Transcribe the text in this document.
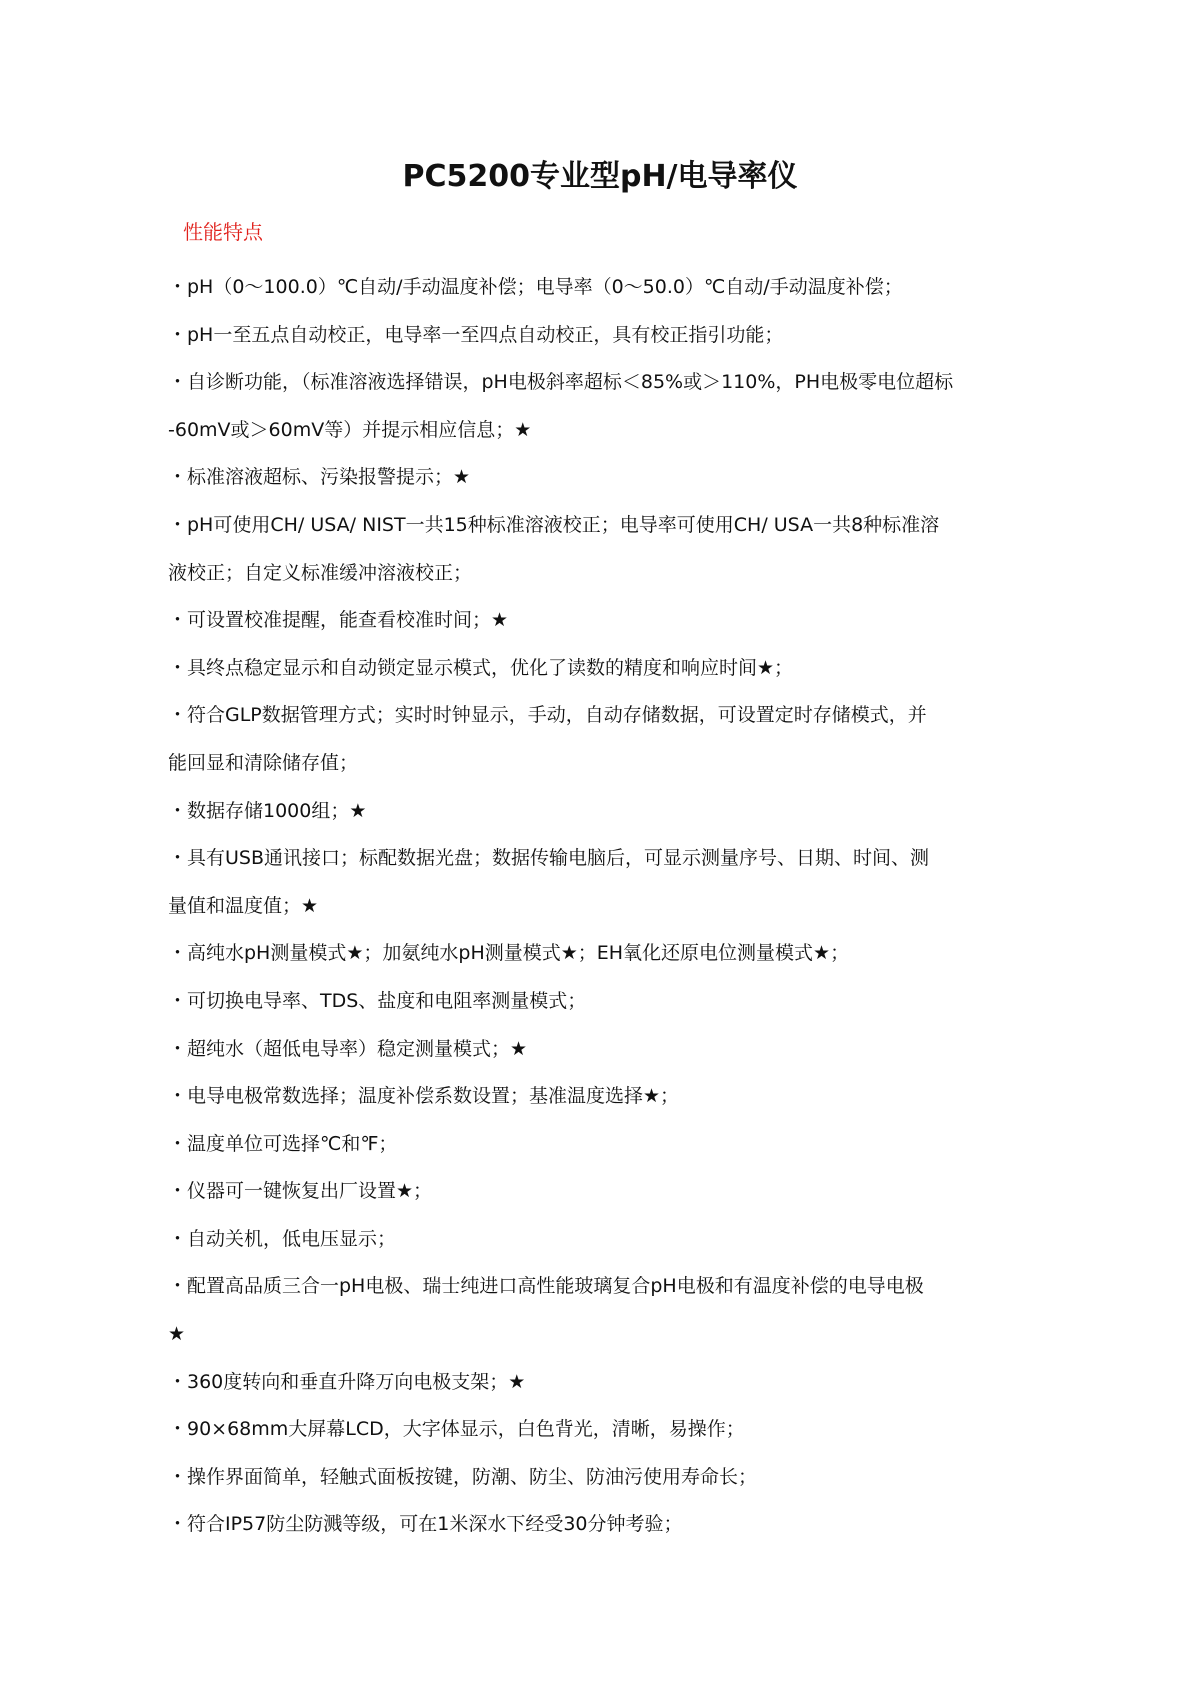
PC5200专业型pH/电导率仪
性能特点
・pH（0～100.0）℃自动/手动温度补偿；电导率（0～50.0）℃自动/手动温度补偿；
・pH一至五点自动校正，电导率一至四点自动校正，具有校正指引功能；
・自诊断功能，（标准溶液选择错误，pH电极斜率超标＜85%或＞110%，PH电极零电位超标
-60mV或＞60mV等）并提示相应信息；★
・标准溶液超标、污染报警提示；★
・pH可使用CH/ USA/ NIST一共15种标准溶液校正；电导率可使用CH/ USA一共8种标准溶
液校正；自定义标准缓冲溶液校正；
・可设置校准提醒，能查看校准时间；★
・具终点稳定显示和自动锁定显示模式，优化了读数的精度和响应时间★；
・符合GLP数据管理方式；实时时钟显示，手动，自动存储数据，可设置定时存储模式，并
能回显和清除储存值；
・数据存储1000组；★
・具有USB通讯接口；标配数据光盘；数据传输电脑后，可显示测量序号、日期、时间、测
量值和温度值；★
・高纯水pH测量模式★；加氨纯水pH测量模式★；EH氧化还原电位测量模式★；
・可切换电导率、TDS、盐度和电阻率测量模式；
・超纯水（超低电导率）稳定测量模式；★
・电导电极常数选择；温度补偿系数设置；基准温度选择★；
・温度单位可选择℃和℉；
・仪器可一键恢复出厂设置★；
・自动关机，低电压显示；
・配置高品质三合一pH电极、瑞士纯进口高性能玻璃复合pH电极和有温度补偿的电导电极
★
・360度转向和垂直升降万向电极支架；★
・90×68mm大屏幕LCD，大字体显示，白色背光，清晰，易操作；
・操作界面简单，轻触式面板按键，防潮、防尘、防油污使用寿命长；
・符合IP57防尘防溅等级，可在1米深水下经受30分钟考验；
